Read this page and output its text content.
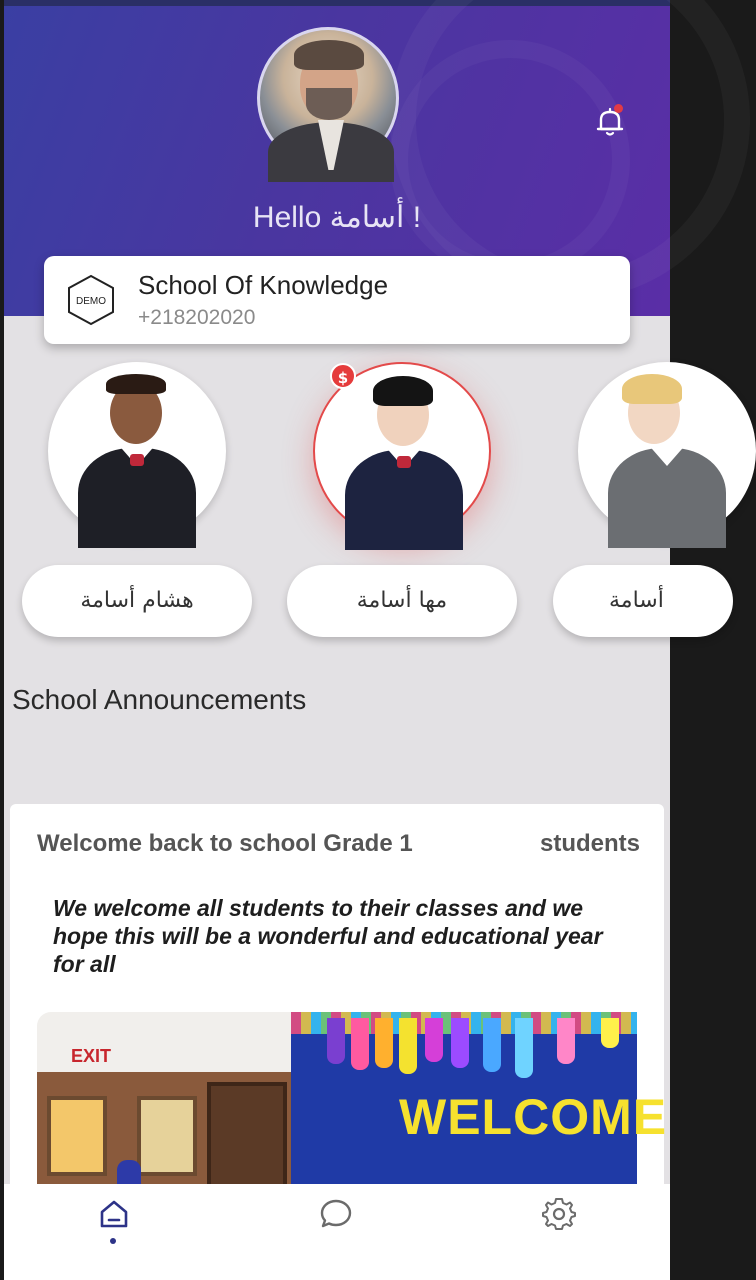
Hello أسامة !
DEMO
School Of Knowledge
+218202020
$
هشام أسامة	مها أسامة	أسامة
School Announcements
Welcome back to school Grade 1	students
We welcome all students to their classes and we hope this will be a wonderful and educational year for all
EXIT
WELCOME
